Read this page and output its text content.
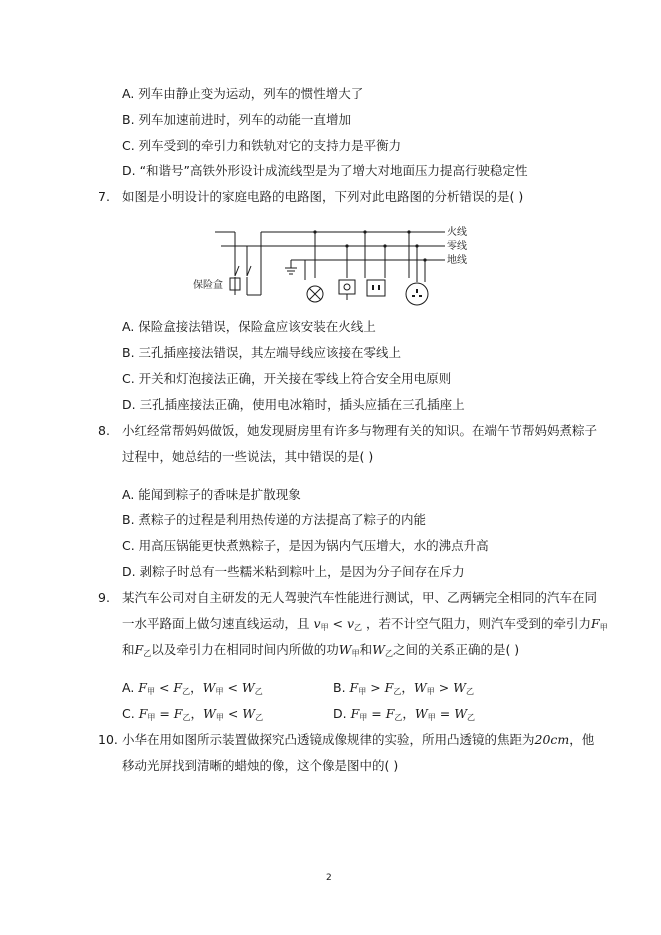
A. 列车由静止变为运动，列车的惯性增大了
B. 列车加速前进时，列车的动能一直增加
C. 列车受到的牵引力和铁轨对它的支持力是平衡力
D. “和谐号”高铁外形设计成流线型是为了增大对地面压力提高行驶稳定性
7. 如图是小明设计的家庭电路的电路图，下列对此电路图的分析错误的是( )
火线
零线
地线
保险盒
A. 保险盒接法错误，保险盒应该安装在火线上
B. 三孔插座接法错误，其左端导线应该接在零线上
C. 开关和灯泡接法正确，开关接在零线上符合安全用电原则
D. 三孔插座接法正确，使用电冰箱时，插头应插在三孔插座上
8. 小红经常帮妈妈做饭，她发现厨房里有许多与物理有关的知识。在端午节帮妈妈煮粽子
过程中，她总结的一些说法，其中错误的是( )
A. 能闻到粽子的香味是扩散现象
B. 煮粽子的过程是利用热传递的方法提高了粽子的内能
C. 用高压锅能更快煮熟粽子，是因为锅内气压增大，水的沸点升高
D. 剥粽子时总有一些糯米粘到粽叶上，是因为分子间存在斥力
9. 某汽车公司对自主研发的无人驾驶汽车性能进行测试，甲、乙两辆完全相同的汽车在同
一水平路面上做匀速直线运动，且 $v_甲 < v_乙$ ，若不计空气阻力，则汽车受到的牵引力$F_甲$
和$F_乙$以及牵引力在相同时间内所做的功$W_甲$和$W_乙$之间的关系正确的是( )
A. $F_甲 < F_乙$，$W_甲 < W_乙$	B. $F_甲 > F_乙$，$W_甲 > W_乙$
C. $F_甲 = F_乙$，$W_甲 < W_乙$	D. $F_甲 = F_乙$，$W_甲 = W_乙$
10. 小华在用如图所示装置做探究凸透镜成像规律的实验，所用凸透镜的焦距为20cm，他
移动光屏找到清晰的蜡烛的像，这个像是图中的( )
2
